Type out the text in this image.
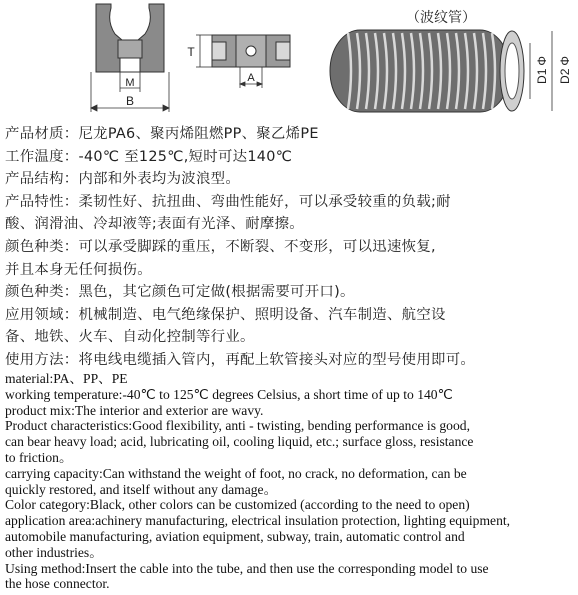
M
B
T
A
（波纹管）
D1Φ
D2Φ
产品材质：尼龙PA6、聚丙烯阻燃PP、聚乙烯PE
工作温度：-40℃ 至125℃,短时可达140℃
产品结构：内部和外表均为波浪型。
产品特性：柔韧性好、抗扭曲、弯曲性能好，可以承受较重的负载;耐
酸、润滑油、冷却液等;表面有光泽、耐摩擦。
颜色种类：可以承受脚踩的重压，不断裂、不变形，可以迅速恢复,
并且本身无任何损伤。
颜色种类：黑色，其它颜色可定做(根据需要可开口)。
应用领域：机械制造、电气绝缘保护、照明设备、汽车制造、航空设
备、地铁、火车、自动化控制等行业。
使用方法：将电线电缆插入管内，再配上软管接头对应的型号使用即可。
material:PA、PP、PE
working temperature:-40℃ to 125℃ degrees Celsius, a short time of up to 140℃
product mix:The interior and exterior are wavy.
Product characteristics:Good flexibility, anti - twisting, bending performance is good,
can bear heavy load; acid, lubricating oil, cooling liquid, etc.; surface gloss, resistance
to friction。
carrying capacity:Can withstand the weight of foot, no crack, no deformation, can be
quickly restored, and itself without any damage。
Color category:Black, other colors can be customized (according to the need to open)
application area:achinery manufacturing, electrical insulation protection, lighting equipment,
automobile manufacturing, aviation equipment, subway, train, automatic control and
other industries。
Using method:Insert the cable into the tube, and then use the corresponding model to use
the hose connector.
